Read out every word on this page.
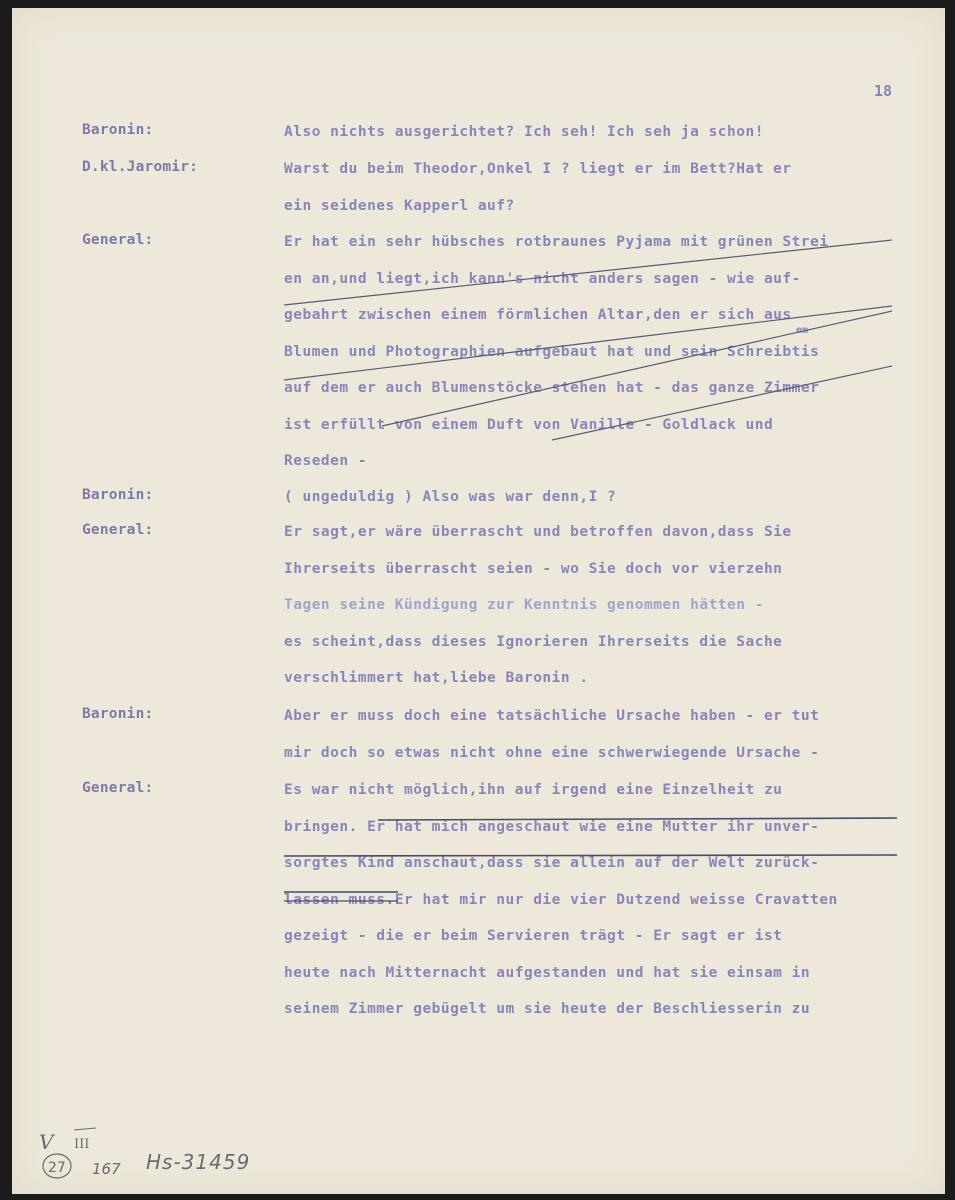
18
Baronin:	Also nichts ausgerichtet? Ich seh! Ich seh ja schon!
D.kl.Jaromir:	Warst du beim Theodor,Onkel I ? liegt er im Bett?Hat er
ein seidenes Kapperl auf?
General:	Er hat ein sehr hübsches rotbraunes Pyjama mit grünen Strei
en an,und liegt,ich kann's nicht anders sagen - wie auf-
gebahrt zwischen einem förmlichen Altar,den er sich aus
Blumen und Photographien aufgebaut hat und sein Schreibtis
auf dem er auch Blumenstöcke stehen hat - das ganze Zimmer
ist erfüllt von einem Duft von Vanille - Goldlack und
Reseden -
Baronin:	( ungeduldig ) Also was war denn,I ?
General:	Er sagt,er wäre überrascht und betroffen davon,dass Sie
Ihrerseits überrascht seien - wo Sie doch vor vierzehn
Tagen seine Kündigung zur Kenntnis genommen hätten -
es scheint,dass dieses Ignorieren Ihrerseits die Sache
verschlimmert hat,liebe Baronin .
Baronin:	Aber er muss doch eine tatsächliche Ursache haben - er tut
mir doch so etwas nicht ohne eine schwerwiegende Ursache -
General:	Es war nicht möglich,ihn auf irgend eine Einzelheit zu
bringen. Er hat mich angeschaut wie eine Mutter ihr unver-
sorgtes Kind anschaut,dass sie allein auf der Welt zurück-
lassen muss.Er hat mir nur die vier Dutzend weisse Cravatten
gezeigt - die er beim Servieren trägt - Er sagt er ist
heute nach Mitternacht aufgestanden und hat sie einsam in
seinem Zimmer gebügelt um sie heute der Beschliesserin zu
em
V III
27 167 Hs-31459
